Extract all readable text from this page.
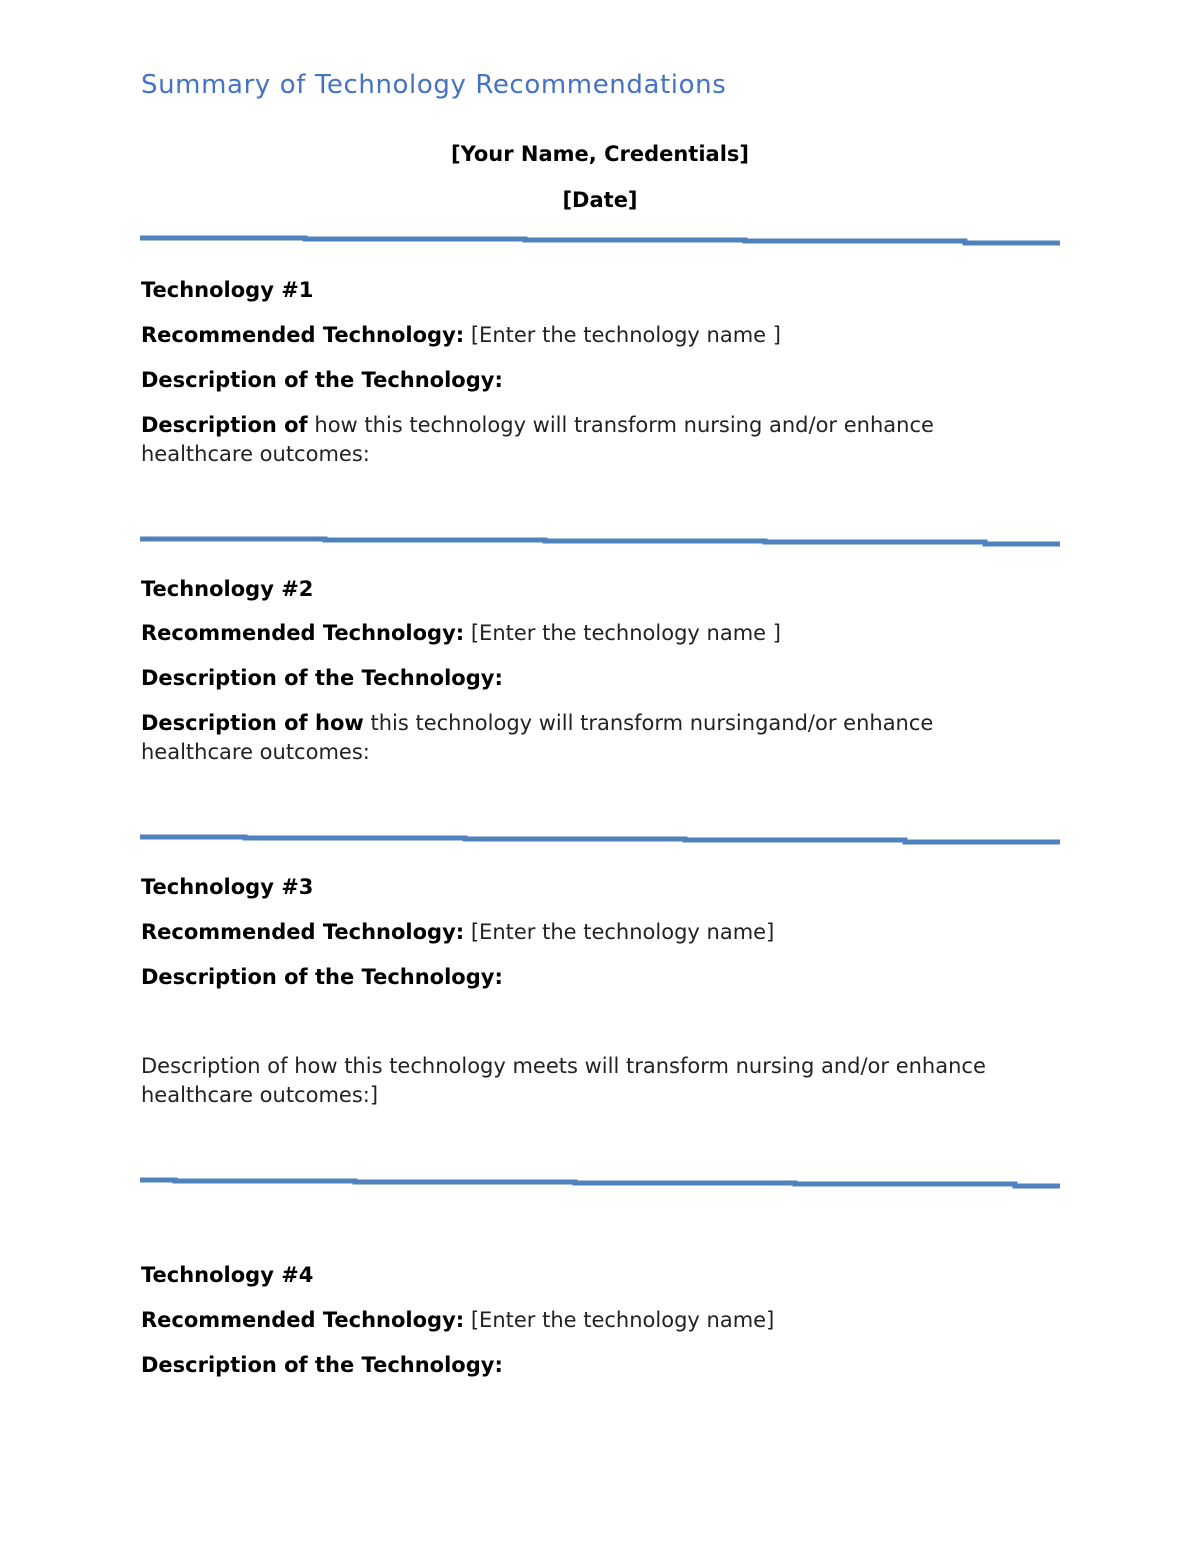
Summary of Technology Recommendations
[Your Name, Credentials]
[Date]
Technology #1
Recommended Technology: [Enter the technology name ]
Description of the Technology:
Description of how this technology will transform nursing and/or enhance healthcare outcomes:
Technology #2
Recommended Technology: [Enter the technology name ]
Description of the Technology:
Description of how this technology will transform nursingand/or enhance healthcare outcomes:
Technology #3
Recommended Technology: [Enter the technology name]
Description of the Technology:
Description of how this technology meets will transform nursing and/or enhance healthcare outcomes:]
Technology #4
Recommended Technology: [Enter the technology name]
Description of the Technology:
